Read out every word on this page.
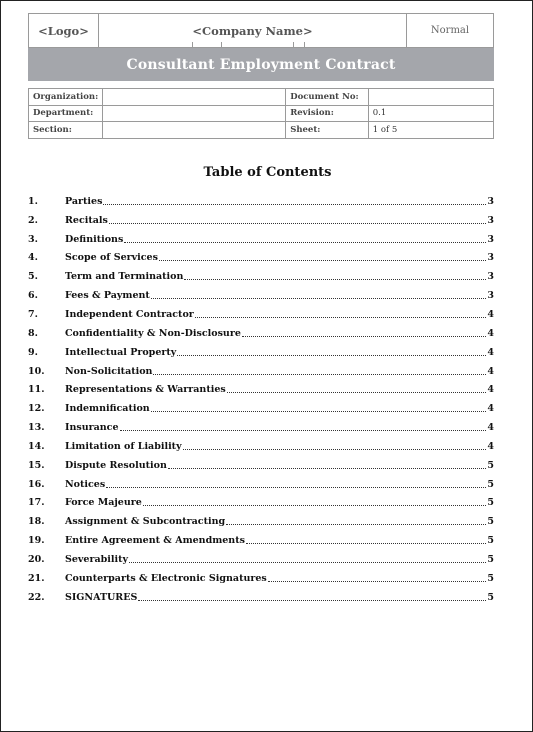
<Logo>	<Company Name>	Normal
Consultant Employment Contract
Organization:		Document No:	
Department:		Revision:	0.1
Section:		Sheet:	1 of 5
Table of Contents
1.	Parties	3
2.	Recitals	3
3.	Definitions	3
4.	Scope of Services	3
5.	Term and Termination	3
6.	Fees & Payment	3
7.	Independent Contractor	4
8.	Confidentiality & Non-Disclosure	4
9.	Intellectual Property	4
10.	Non-Solicitation	4
11.	Representations & Warranties	4
12.	Indemnification	4
13.	Insurance	4
14.	Limitation of Liability	4
15.	Dispute Resolution	5
16.	Notices	5
17.	Force Majeure	5
18.	Assignment & Subcontracting	5
19.	Entire Agreement & Amendments	5
20.	Severability	5
21.	Counterparts & Electronic Signatures	5
22.	SIGNATURES	5
